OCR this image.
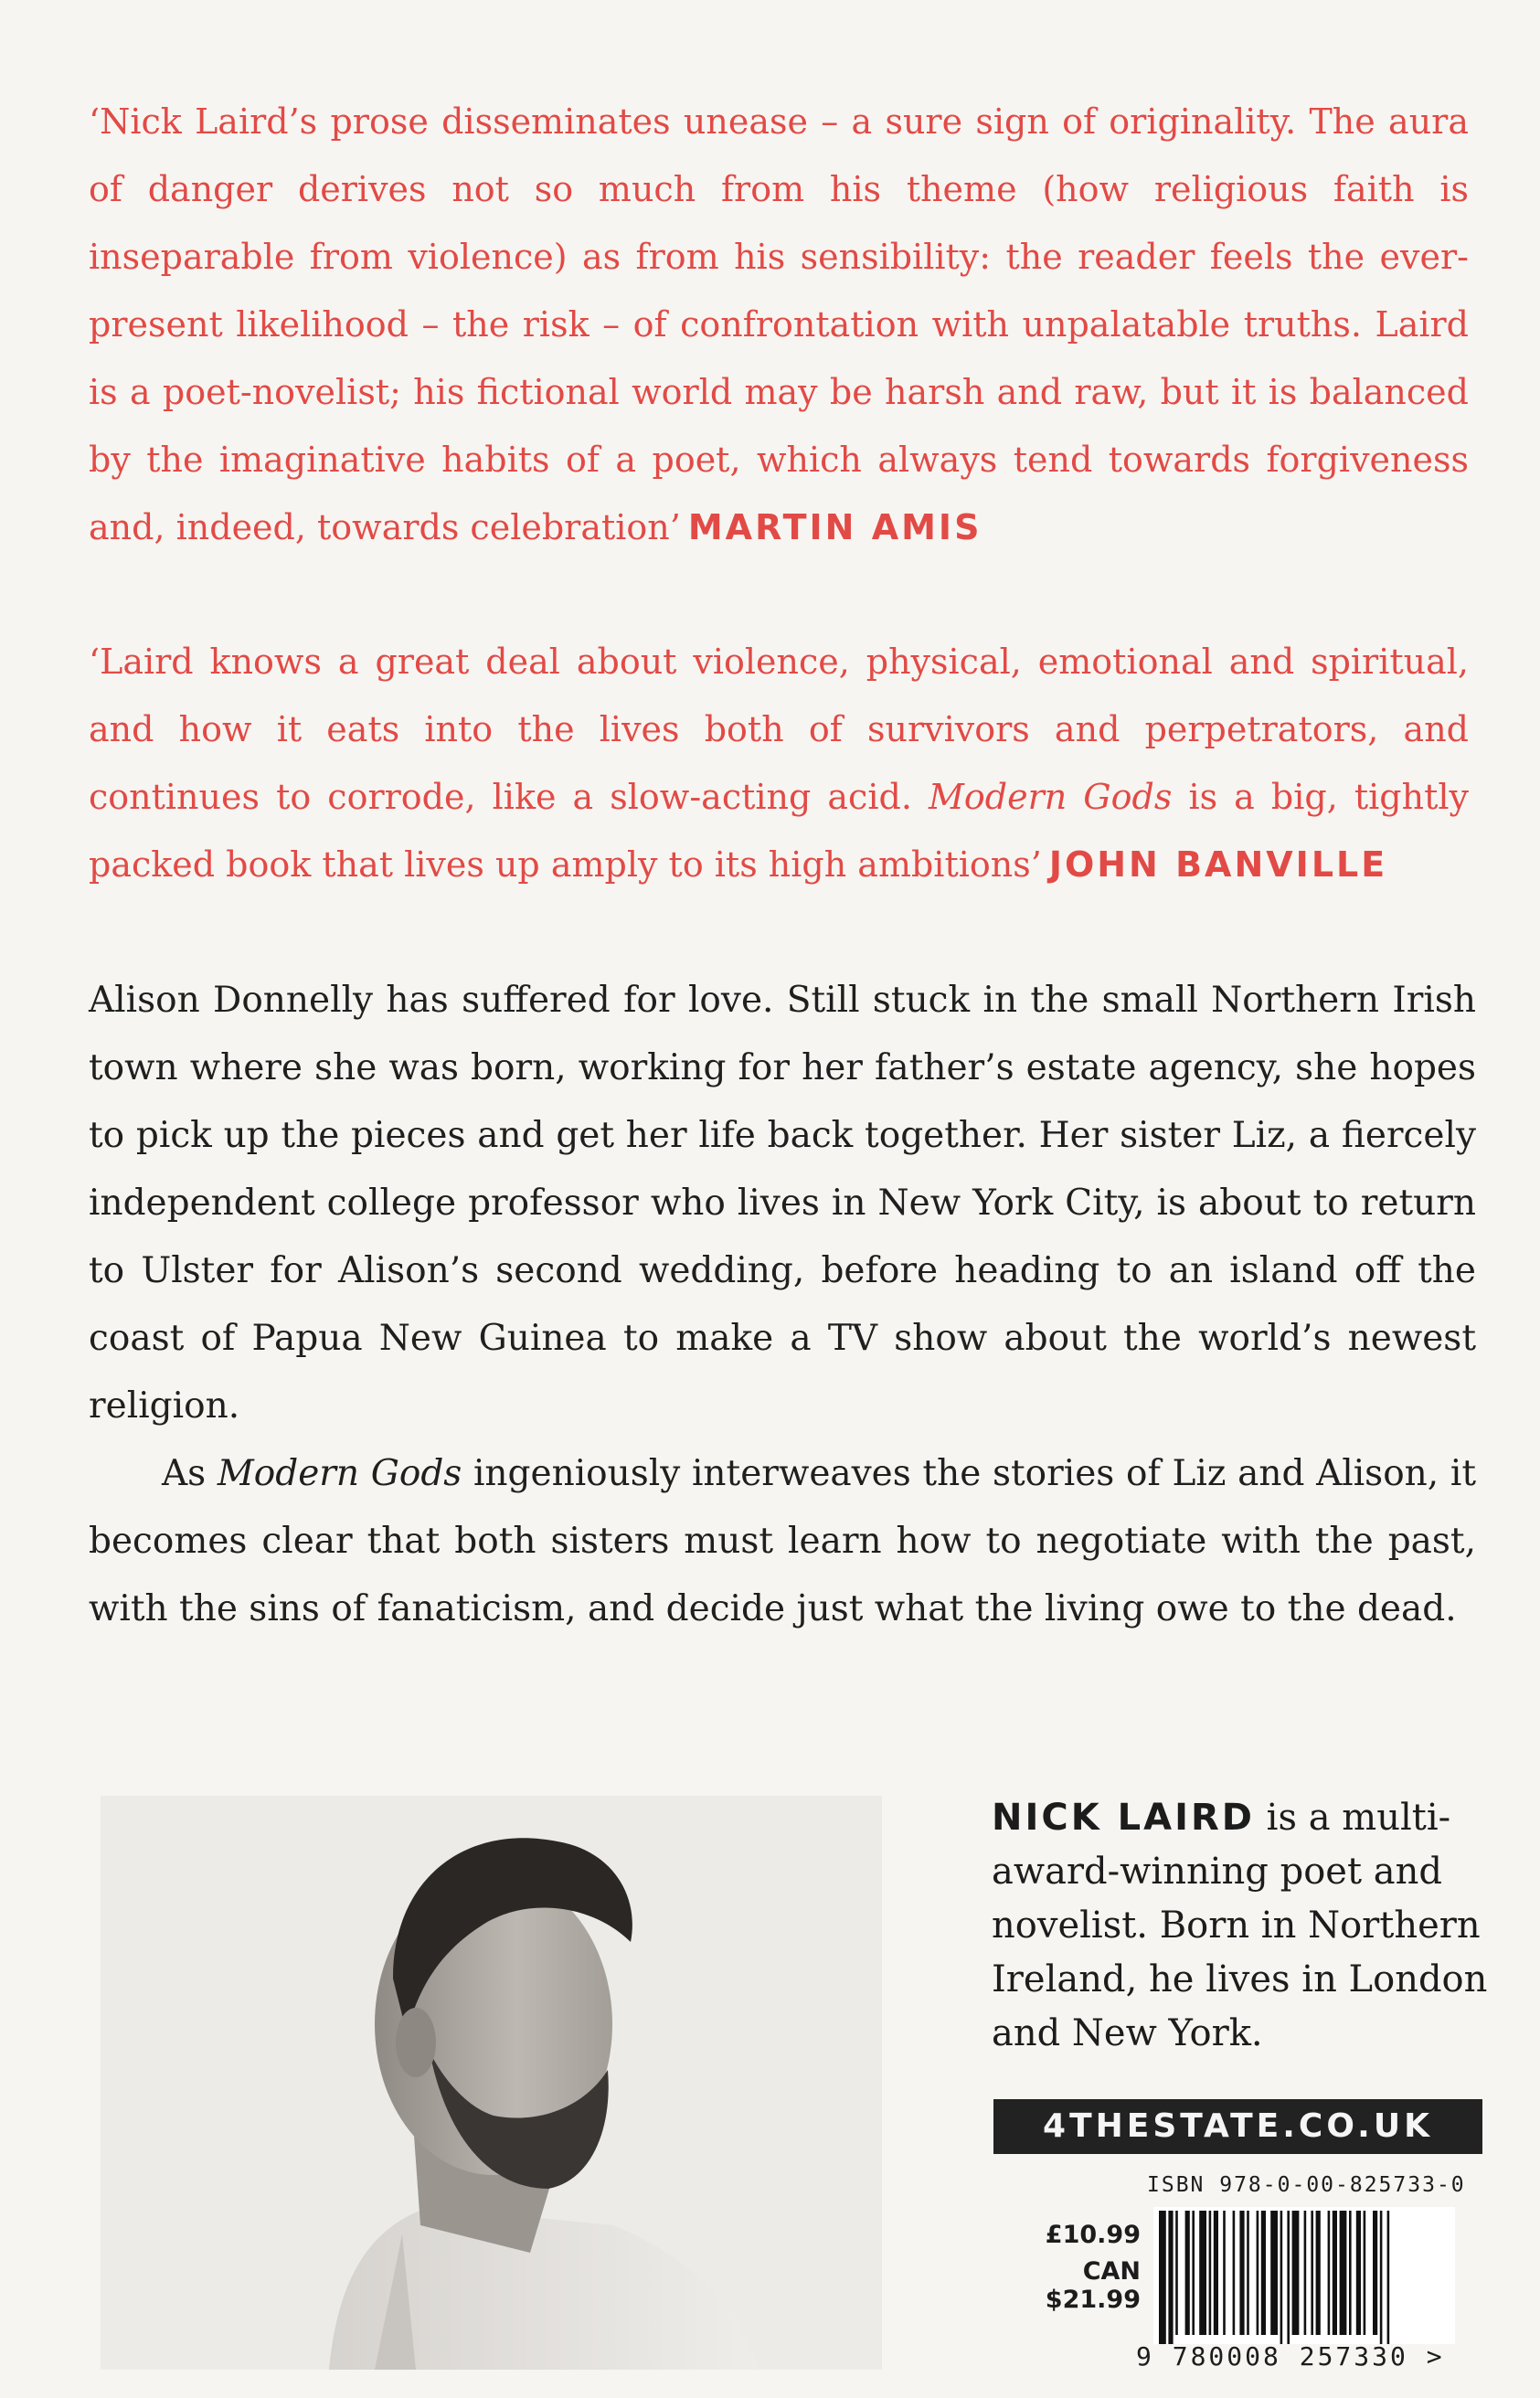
‘Nick Laird’s prose disseminates unease – a sure sign of originality. The aura of danger derives not so much from his theme (how religious faith is inseparable from violence) as from his sensibility: the reader feels the ever-present likelihood – the risk – of confrontation with unpalatable truths. Laird is a poet-novelist; his fictional world may be harsh and raw, but it is balanced by the imaginative habits of a poet, which always tend towards forgiveness and, indeed, towards celebration’ MARTIN AMIS

‘Laird knows a great deal about violence, physical, emotional and spiritual, and how it eats into the lives both of survivors and perpetrators, and continues to corrode, like a slow-acting acid. Modern Gods is a big, tightly packed book that lives up amply to its high ambitions’ JOHN BANVILLE

Alison Donnelly has suffered for love. Still stuck in the small Northern Irish town where she was born, working for her father’s estate agency, she hopes to pick up the pieces and get her life back together. Her sister Liz, a fiercely independent college professor who lives in New York City, is about to return to Ulster for Alison’s second wedding, before heading to an island off the coast of Papua New Guinea to make a TV show about the world’s newest religion.

As Modern Gods ingeniously interweaves the stories of Liz and Alison, it becomes clear that both sisters must learn how to negotiate with the past, with the sins of fanaticism, and decide just what the living owe to the dead.

NICK LAIRD is a multi-award-winning poet and novelist. Born in Northern Ireland, he lives in London and New York.

4THESTATE.CO.UK
ISBN 978-0-00-825733-0
£10.99
CAN $21.99
9 780008 257330 >
